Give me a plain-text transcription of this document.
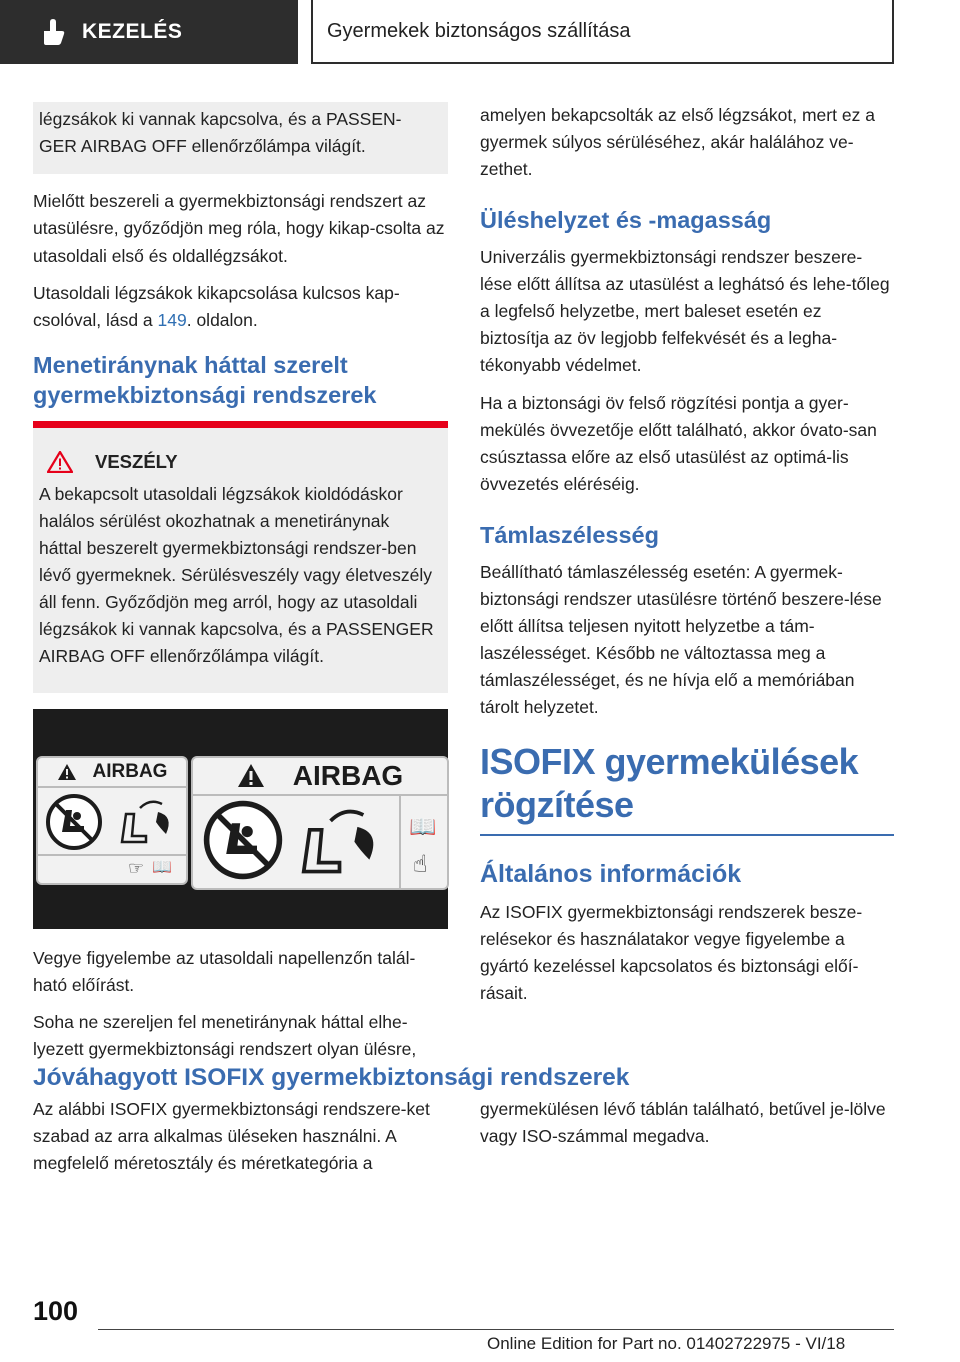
KEZELÉS	Gyermekek biztonságos szállítása

légzsákok ki vannak kapcsolva, és a PASSEN-GER AIRBAG OFF ellenőrzőlámpa világít.

Mielőtt beszereli a gyermekbiztonsági rendszert az utasülésre, győződjön meg róla, hogy kikap-csolta az utasoldali első és oldallégzsákot.

Utasoldali légzsákok kikapcsolása kulcsos kap-csolóval, lásd a 149. oldalon.

Menetiránynak háttal szerelt gyermekbiztonsági rendszerek
VESZÉLY

A bekapcsolt utasoldali légzsákok kioldódáskor halálos sérülést okozhatnak a menetiránynak háttal beszerelt gyermekbiztonsági rendszer-ben lévő gyermeknek. Sérülésveszély vagy életveszély áll fenn. Győződjön meg arról, hogy az utasoldali légzsákok ki vannak kapcsolva, és a PASSENGER AIRBAG OFF ellenőrzőlámpa világít.

AIRBAG
☞ 📖
AIRBAG
📖
☝

Vegye figyelembe az utasoldali napellenzőn talál-ható előírást.

Soha ne szereljen fel menetiránynak háttal elhe-lyezett gyermekbiztonsági rendszert olyan ülésre,

amelyen bekapcsolták az első légzsákot, mert ez a gyermek súlyos sérüléséhez, akár halálához ve-zethet.

Üléshelyzet és -magasság

Univerzális gyermekbiztonsági rendszer beszere-lése előtt állítsa az utasülést a leghátsó és lehe-tőleg a legfelső helyzetbe, mert baleset esetén ez biztosítja az öv legjobb felfekvését és a legha-tékonyabb védelmet.

Ha a biztonsági öv felső rögzítési pontja a gyer-mekülés övvezetője előtt található, akkor óvato-san csúsztassa előre az első utasülést az optimá-lis övvezetés eléréséig.

Támlaszélesség

Beállítható támlaszélesség esetén: A gyermek-biztonsági rendszer utasülésre történő beszere-lése előtt állítsa teljesen nyitott helyzetbe a tám-laszélességet. Később ne változtassa meg a támlaszélességet, és ne hívja elő a memóriában tárolt helyzetet.

ISOFIX gyermekülések rögzítése
Általános információk

Az ISOFIX gyermekbiztonsági rendszerek besze-relésekor és használatakor vegye figyelembe a gyártó kezeléssel kapcsolatos és biztonsági előí-rásait.

Jóváhagyott ISOFIX gyermekbiztonsági rendszerek

Az alábbi ISOFIX gyermekbiztonsági rendszere-ket szabad az arra alkalmas üléseken használni. A megfelelő méretosztály és méretkategória a

gyermekülésen lévő táblán található, betűvel je-lölve vagy ISO-számmal megadva.

100
Online Edition for Part no. 01402722975 - VI/18
